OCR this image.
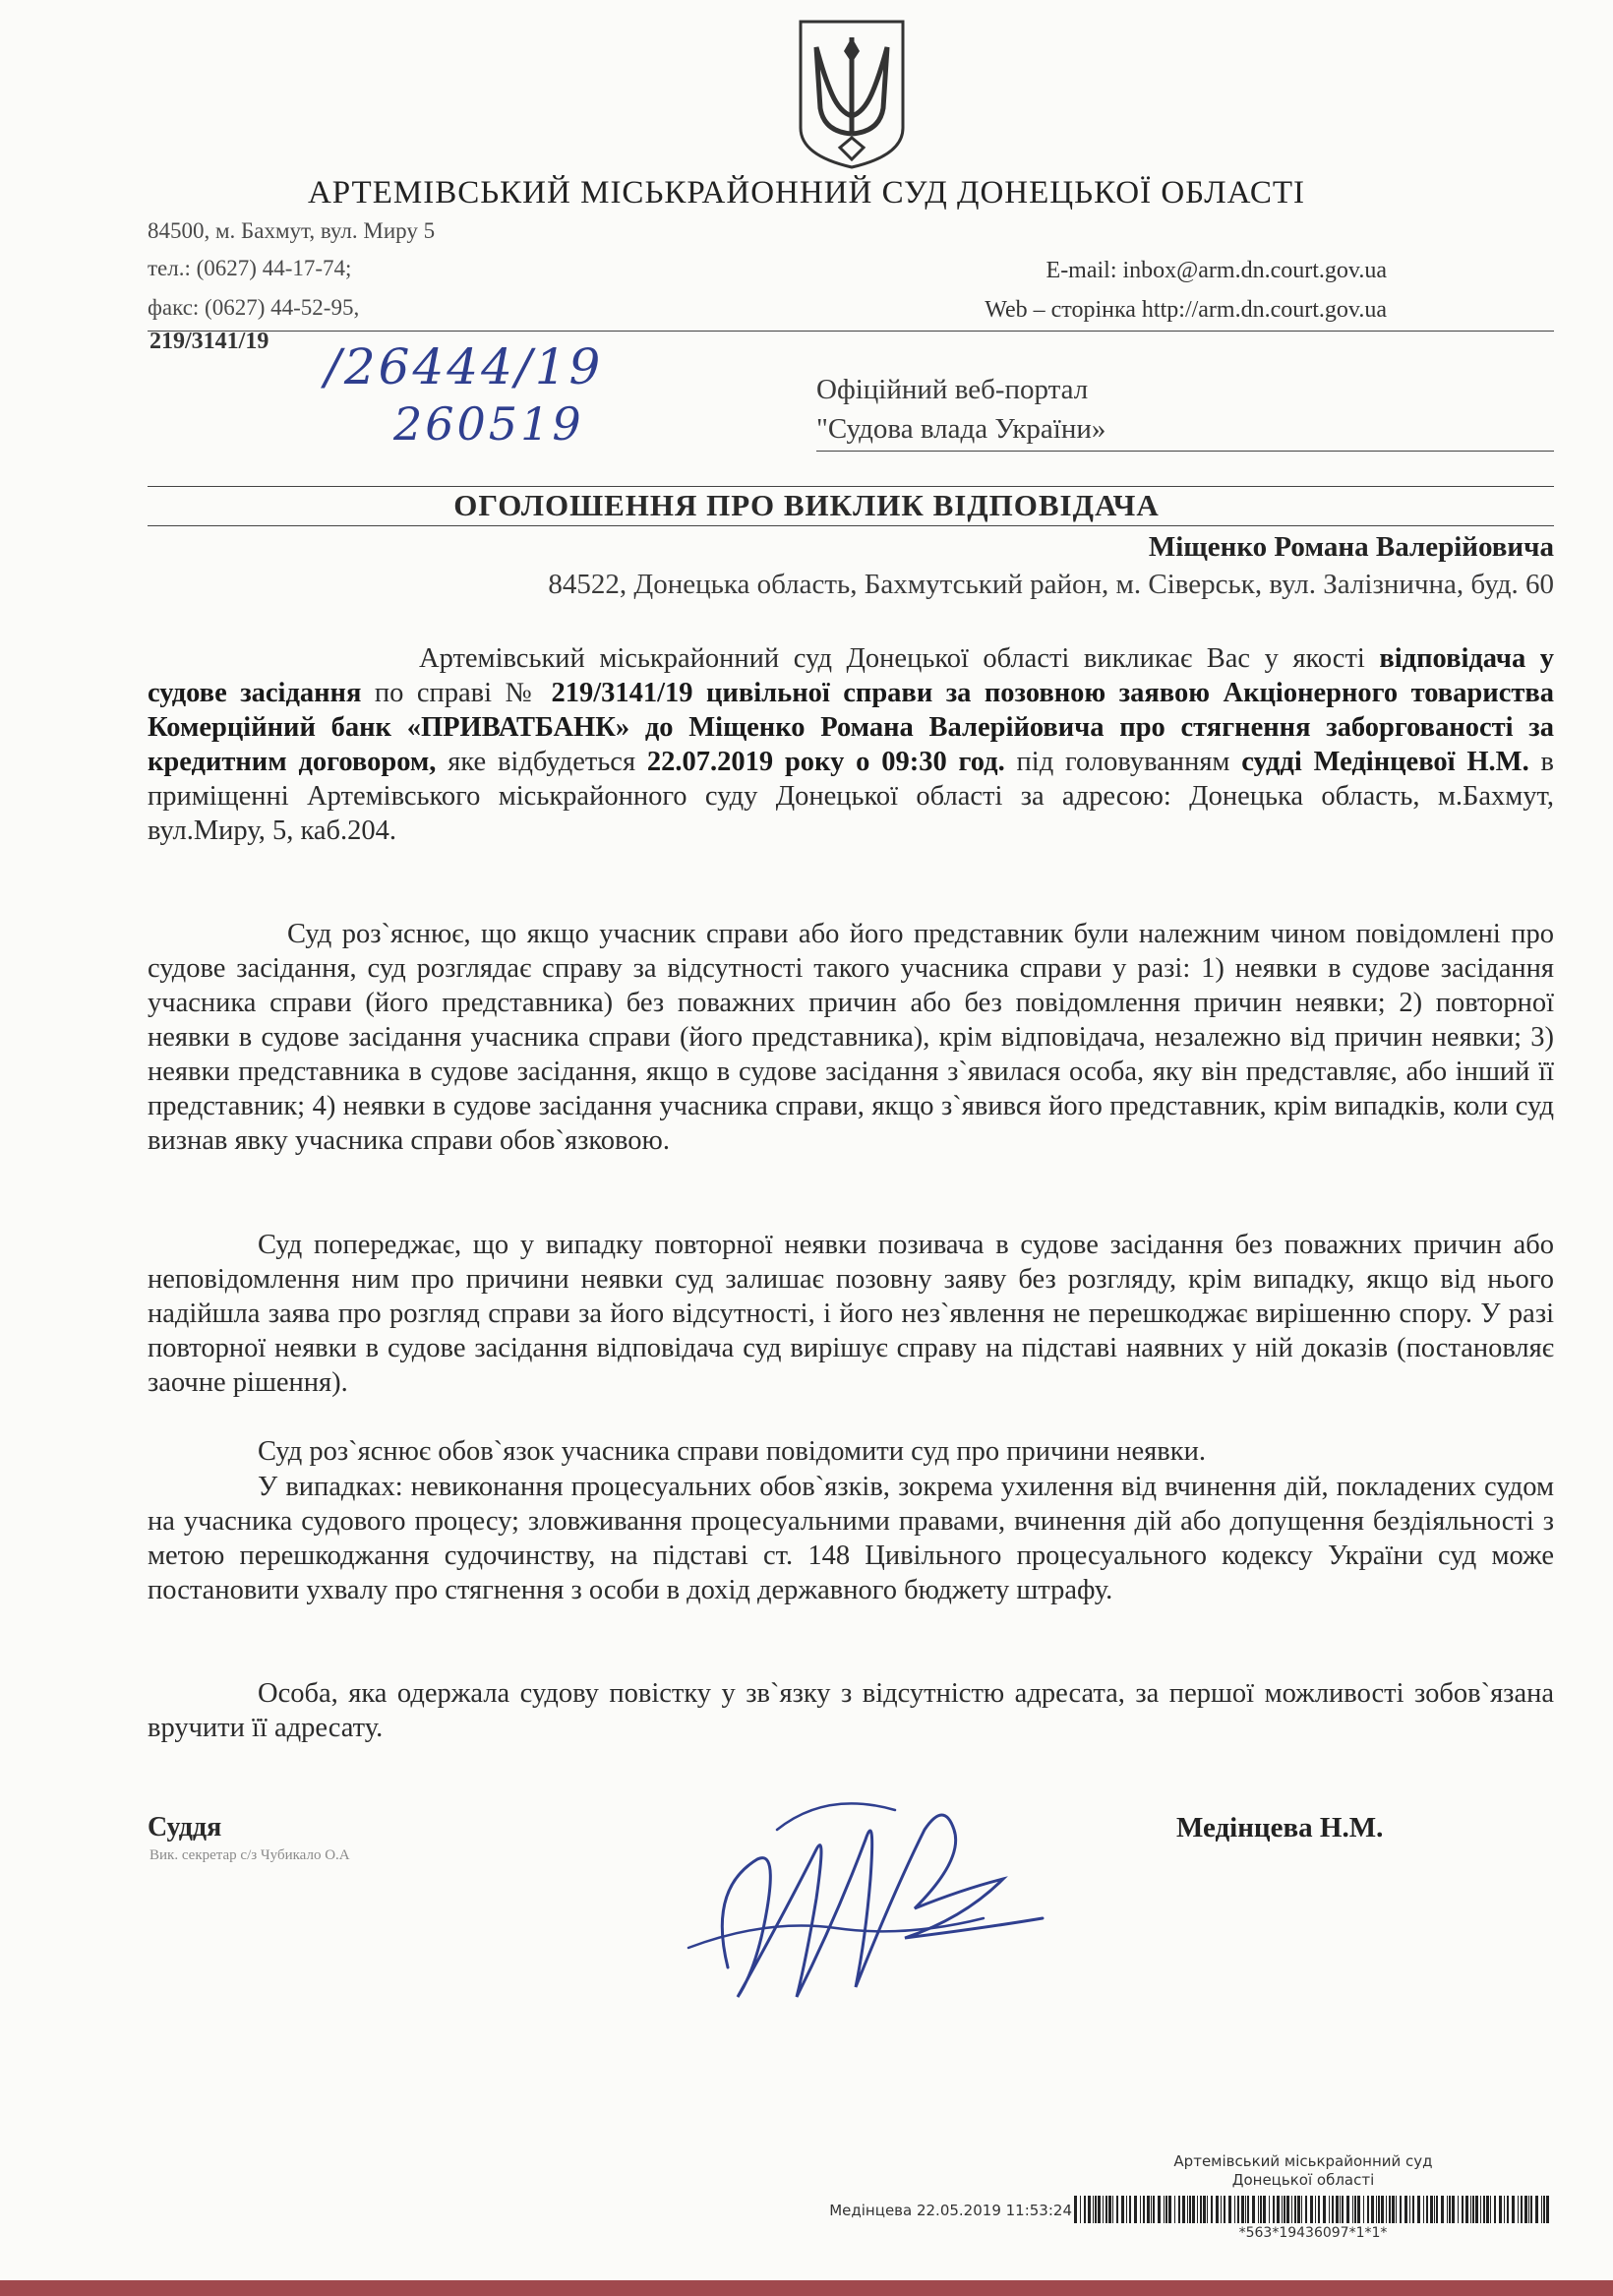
АРТЕМІВСЬКИЙ МІСЬКРАЙОННИЙ СУД ДОНЕЦЬКОЇ ОБЛАСТІ
84500, м. Бахмут, вул. Миру 5
тел.: (0627) 44-17-74;	E-mail: inbox@arm.dn.court.gov.ua
факс: (0627) 44-52-95,	Web – сторінка http://arm.dn.court.gov.ua
219/3141/19 /26444/19
260519
Офіційний веб-портал
"Судова влада України»
ОГОЛОШЕННЯ ПРО ВИКЛИК ВІДПОВІДАЧА
Міщенко Романа Валерійовича
84522, Донецька область, Бахмутський район, м. Сіверськ, вул. Залізнична, буд. 60
Артемівський міськрайонний суд Донецької області викликає Вас у якості відповідача у судове засідання по справі № 219/3141/19 цивільної справи за позовною заявою Акціонерного товариства Комерційний банк «ПРИВАТБАНК» до Міщенко Романа Валерійовича про стягнення заборгованості за кредитним договором, яке відбудеться 22.07.2019 року о 09:30 год. під головуванням судді Медінцевої Н.М. в приміщенні Артемівського міськрайонного суду Донецької області за адресою: Донецька область, м.Бахмут, вул.Миру, 5, каб.204.
Суд роз`яснює, що якщо учасник справи або його представник були належним чином повідомлені про судове засідання, суд розглядає справу за відсутності такого учасника справи у разі: 1) неявки в судове засідання учасника справи (його представника) без поважних причин або без повідомлення причин неявки; 2) повторної неявки в судове засідання учасника справи (його представника), крім відповідача, незалежно від причин неявки; 3) неявки представника в судове засідання, якщо в судове засідання з`явилася особа, яку він представляє, або інший її представник; 4) неявки в судове засідання учасника справи, якщо з`явився його представник, крім випадків, коли суд визнав явку учасника справи обов`язковою.
Суд попереджає, що у випадку повторної неявки позивача в судове засідання без поважних причин або неповідомлення ним про причини неявки суд залишає позовну заяву без розгляду, крім випадку, якщо від нього надійшла заява про розгляд справи за його відсутності, і його нез`явлення не перешкоджає вирішенню спору. У разі повторної неявки в судове засідання відповідача суд вирішує справу на підставі наявних у ній доказів (постановляє заочне рішення).
Суд роз`яснює обов`язок учасника справи повідомити суд про причини неявки.
У випадках: невиконання процесуальних обов`язків, зокрема ухилення від вчинення дій, покладених судом на учасника судового процесу; зловживання процесуальними правами, вчинення дій або допущення бездіяльності з метою перешкоджання судочинству, на підставі ст. 148 Цивільного процесуального кодексу України суд може постановити ухвалу про стягнення з особи в дохід державного бюджету штрафу.
Особа, яка одержала судову повістку у зв`язку з відсутністю адресата, за першої можливості зобов`язана вручити її адресату.
Суддя
Вик. секретар с/з Чубикало О.А
Медінцева Н.М.
Артемівський міськрайонний суд
Донецької області
Медінцева 22.05.2019 11:53:24
*563*19436097*1*1*
